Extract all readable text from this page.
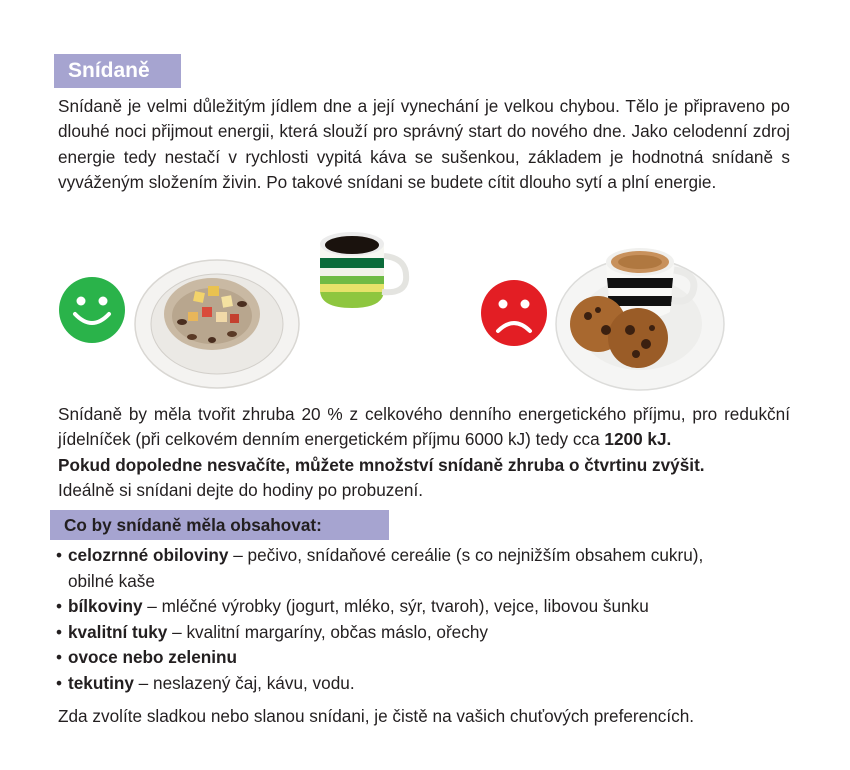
Snídaně

Snídaně je velmi důležitým jídlem dne a její vynechání je velkou chybou. Tělo je připraveno po dlouhé noci přijmout energii, která slouží pro správný start do nového dne. Jako celodenní zdroj energie tedy nestačí v rychlosti vypitá káva se sušenkou, základem je hodnotná snídaně s vyváženým složením živin. Po takové snídani se budete cítit dlouho sytí a plní energie.

Snídaně by měla tvořit zhruba 20 % z celkového denního energetického příjmu, pro redukční jídelníček (při celkovém denním energetickém příjmu 6000 kJ) tedy cca 1200 kJ.
Pokud dopoledne nesvačíte, můžete množství snídaně zhruba o čtvrtinu zvýšit.
Ideálně si snídani dejte do hodiny po probuzení.

Co by snídaně měla obsahovat:
• celozrnné obiloviny – pečivo, snídaňové cereálie (s co nejnižším obsahem cukru),
obilné kaše
• bílkoviny – mléčné výrobky (jogurt, mléko, sýr, tvaroh), vejce, libovou šunku
• kvalitní tuky – kvalitní margaríny, občas máslo, ořechy
• ovoce nebo zeleninu
• tekutiny – neslazený čaj, kávu, vodu.

Zda zvolíte sladkou nebo slanou snídani, je čistě na vašich chuťových preferencích.
